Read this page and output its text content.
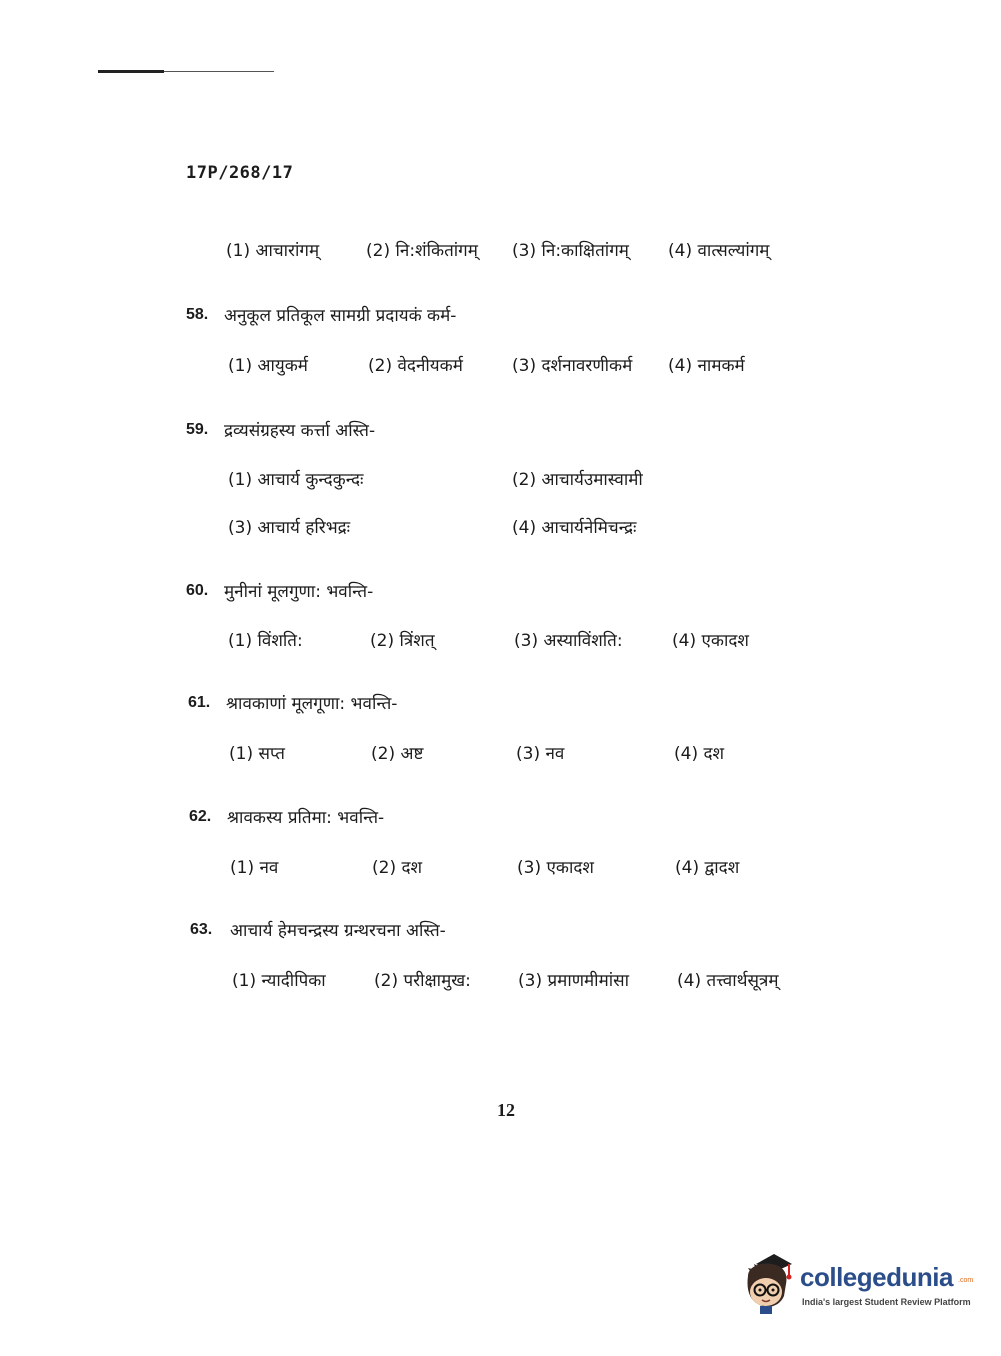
17P/268/17
(1) आचारांगम्	(2) नि:शंकितांगम् (3) नि:काक्षितांगम् (4) वात्सल्यांगम्
58. अनुकूल प्रतिकूल सामग्री प्रदायकं कर्म-
(1) आयुकर्म	(2) वेदनीयकर्म	(3) दर्शनावरणीकर्म (4) नामकर्म
59. द्रव्यसंग्रहस्य कर्त्ता अस्ति-
(1) आचार्य कुन्दकुन्दः	(2) आचार्यउमास्वामी
(3) आचार्य हरिभद्रः	(4) आचार्यनेमिचन्द्रः
60. मुनीनां मूलगुणा: भवन्ति-
(1) विंशति:	(2) त्रिंशत्	(3) अस्याविंशति:	(4) एकादश
61. श्रावकाणां मूलगूणा: भवन्ति-
(1) सप्त	(2) अष्ट	(3) नव	(4) दश
62. श्रावकस्य प्रतिमा: भवन्ति-
(1) नव	(2) दश	(3) एकादश	(4) द्वादश
63. आचार्य हेमचन्द्रस्य ग्रन्थरचना अस्ति-
(1) न्यादीपिका	(2) परीक्षामुख:	(3) प्रमाणमीमांसा	(4) तत्त्वार्थसूत्रम्
12
collegedunia .com
India's largest Student Review Platform
